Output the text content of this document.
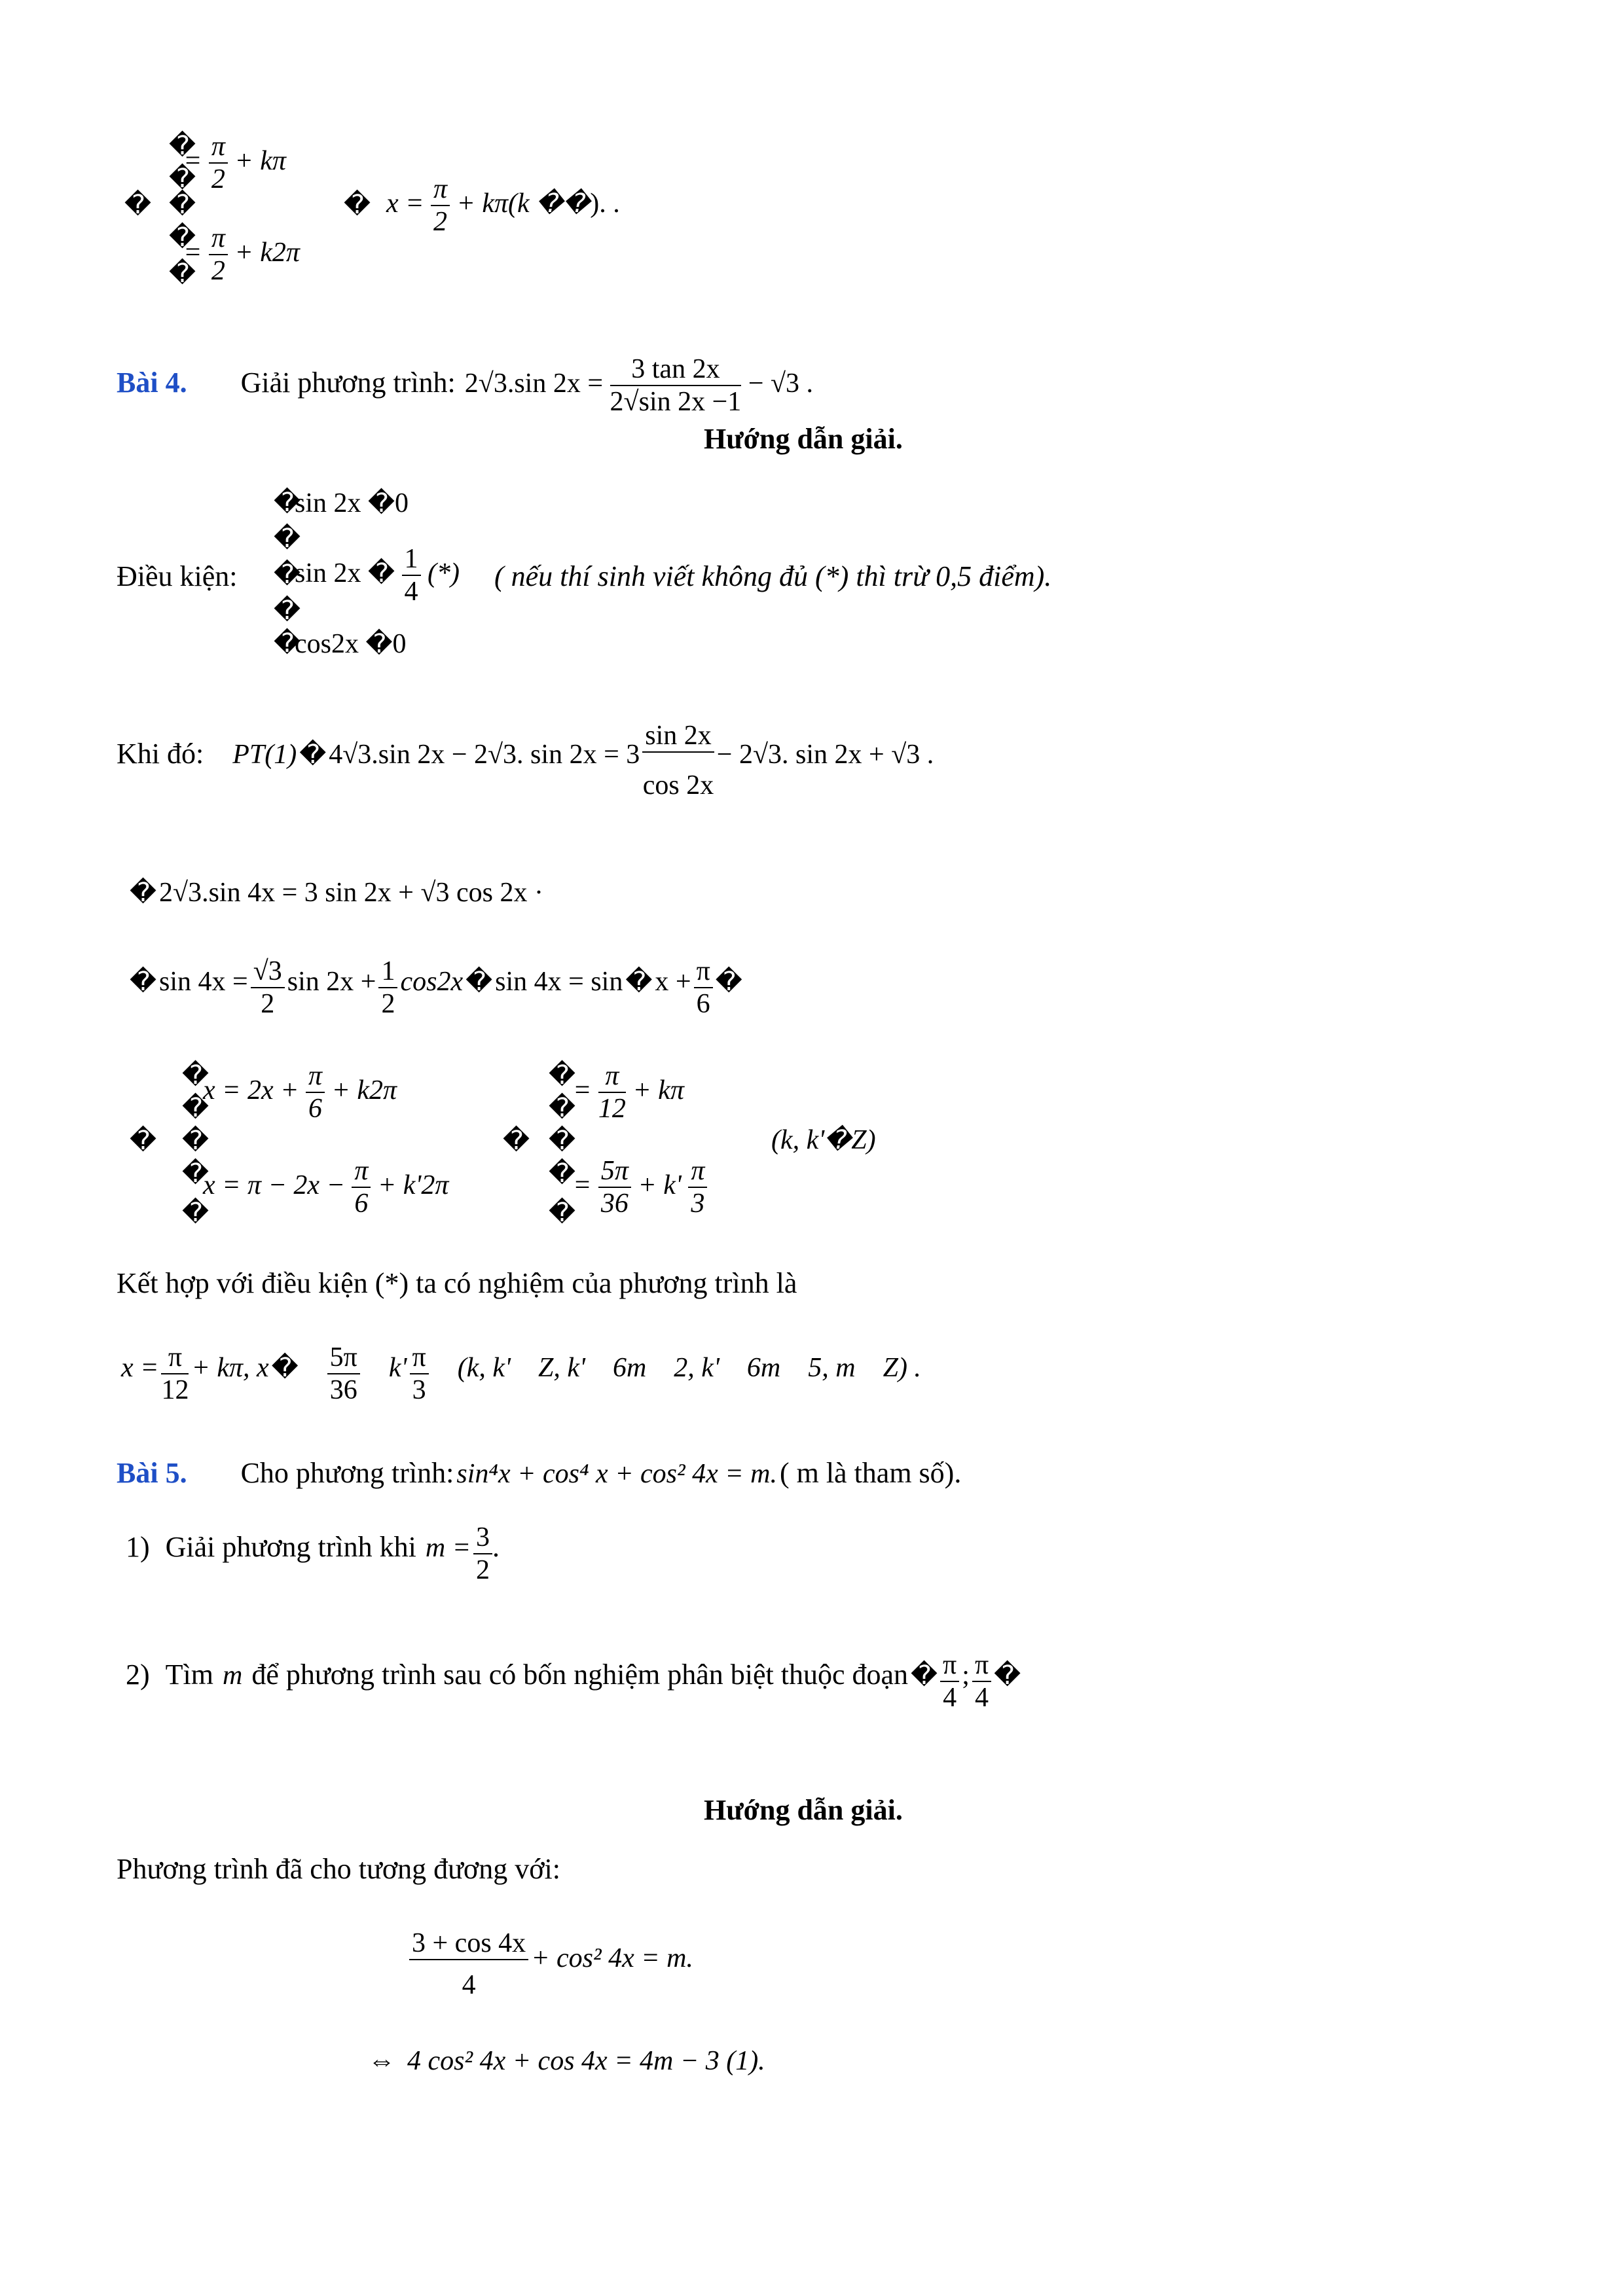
�
�
� �
�
�
= $\frac{\pi}{2} + k\pi$
= $\frac{\pi}{2} + k2\pi$
� $x = \frac{\pi}{2} + k\pi(k$ ��). .
Bài 4. Giải phương trình: 2√3.sin $2x = \frac{3 \tan 2x}{2√\sin 2x -1} - √3$ .
Hướng dẫn giải.
Điều kiện:
�
�
�
�
�
sin 2x �0
sin 2x � $\frac{1}{4}$ (*)
cos2x �0
( nếu thí sinh viết không đủ (*) thì trừ 0,5 điểm).
Khi đó: PT(1) � 4√3.sin 2x − 2√3. $\sin 2x = 3 \frac{\sin 2x}{\cos 2x} - 2√3$. sin 2x + √3 .
� 2√3.sin 4x = 3 sin 2x + √3 cos 2x ·
� $\sin 4x = \frac{√3}{2}$ $\sin 2x + \frac{1}{2} \cos 2x$ � sin 4x = sin � $x + \frac{\pi}{6}$ �
�
�
�
�
�
�
$x = 2x + \frac{\pi}{6} + k2\pi$
$x = \pi - 2x - \frac{\pi}{6} + k'2\pi$
�
�
�
�
�
�
= $\frac{\pi}{12} + k\pi$
= $\frac{5\pi}{36} + k' \frac{\pi}{3}$
(k, k'�Z)
Kết hợp với điều kiện (*) ta có nghiệm của phương trình là
$x = \frac{\pi}{12} + k\pi$, x � $\frac{5\pi}{36} k' \frac{\pi}{3} (k$, k'    Z, k'    6m    2, k'    6m    5, m    Z) .
Bài 5. Cho phương trình: sin⁴x + cos⁴ x + cos² 4x = m. ( m là tham số).
1) Giải phương trình khi $m = \frac{3}{2}$ .
2) Tìm m để phương trình sau có bốn nghiệm phân biệt thuộc đoạn � $\frac{\pi}{4}$ ; $\frac{\pi}{4}$ �
Hướng dẫn giải.
Phương trình đã cho tương đương với:
$\frac{3 + \cos 4x}{4} + \cos^2$ 4x = m.
⇔ 4 cos² 4x + cos 4x = 4m − 3 (1).
